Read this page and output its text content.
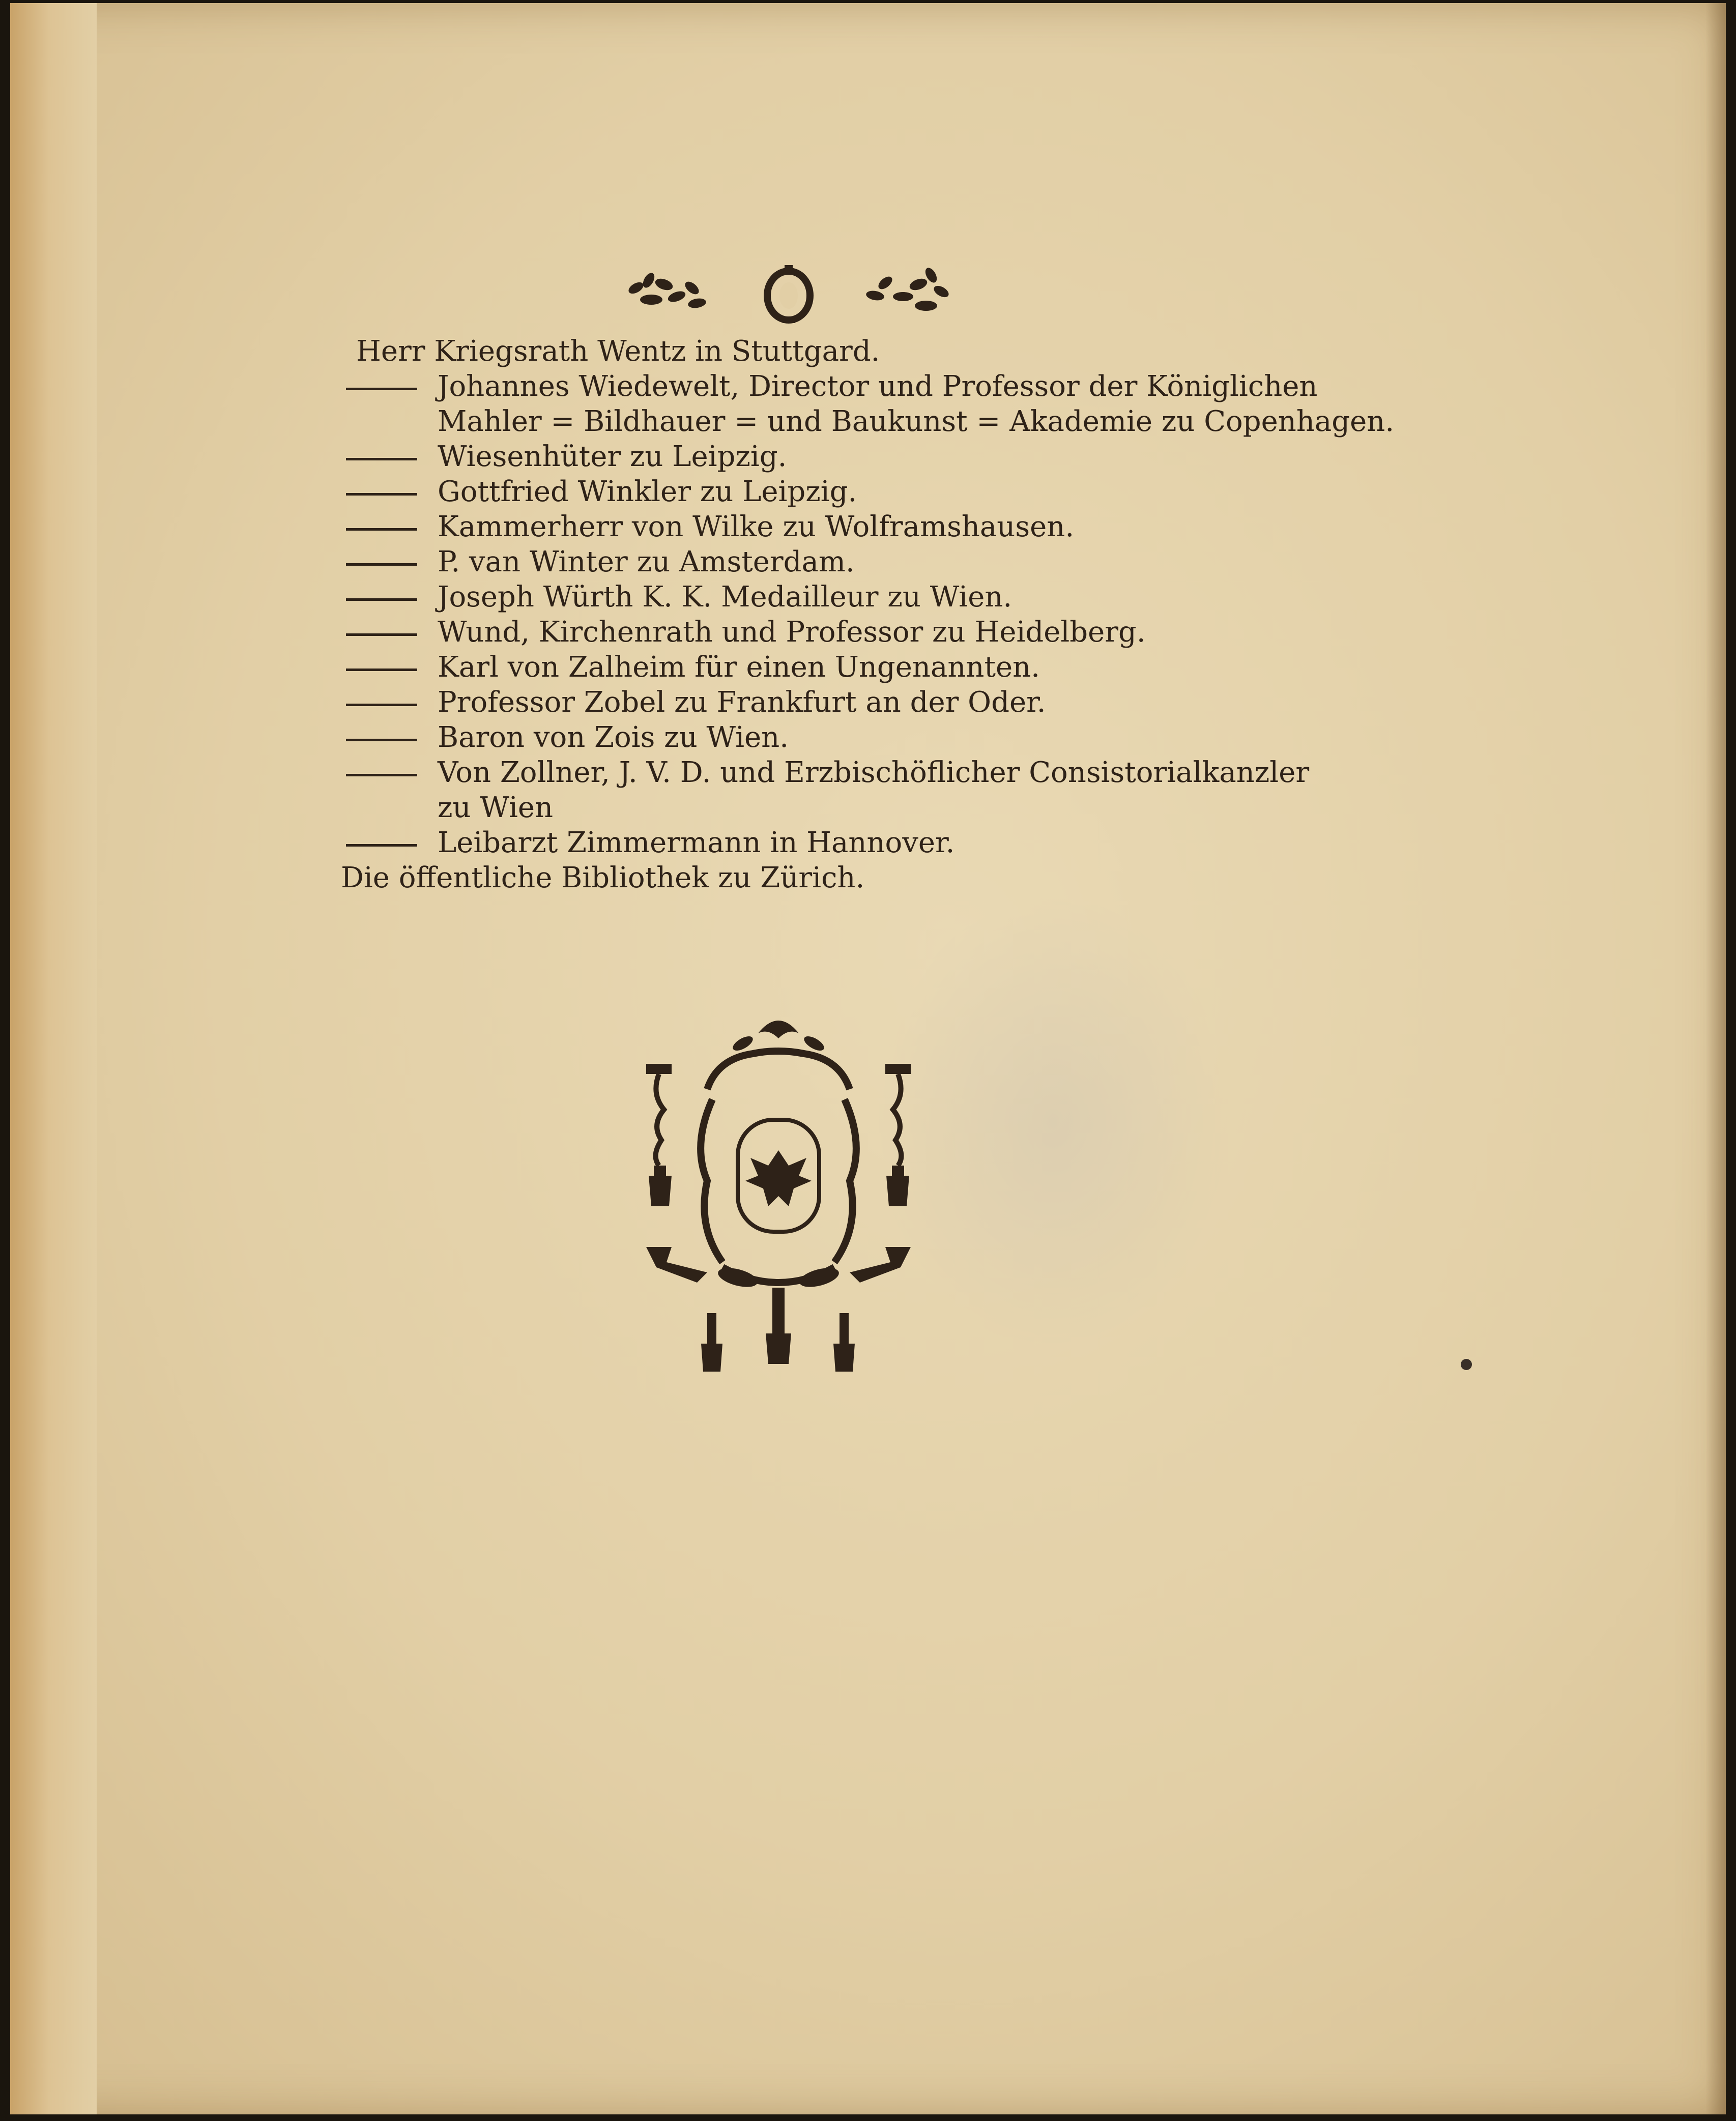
Herr Kriegsrath Wentz in Stuttgard.
Johannes Wiedewelt, Director und Professor der Königlichen
Mahler = Bildhauer = und Baukunst = Akademie zu Copenhagen.
Wiesenhüter zu Leipzig.
Gottfried Winkler zu Leipzig.
Kammerherr von Wilke zu Wolframshausen.
P. van Winter zu Amsterdam.
Joseph Würth K. K. Medailleur zu Wien.
Wund, Kirchenrath und Professor zu Heidelberg.
Karl von Zalheim für einen Ungenannten.
Professor Zobel zu Frankfurt an der Oder.
Baron von Zois zu Wien.
Von Zollner, J. V. D. und Erzbischöflicher Consistorialkanzler
zu Wien
Leibarzt Zimmermann in Hannover.
Die öffentliche Bibliothek zu Zürich.
